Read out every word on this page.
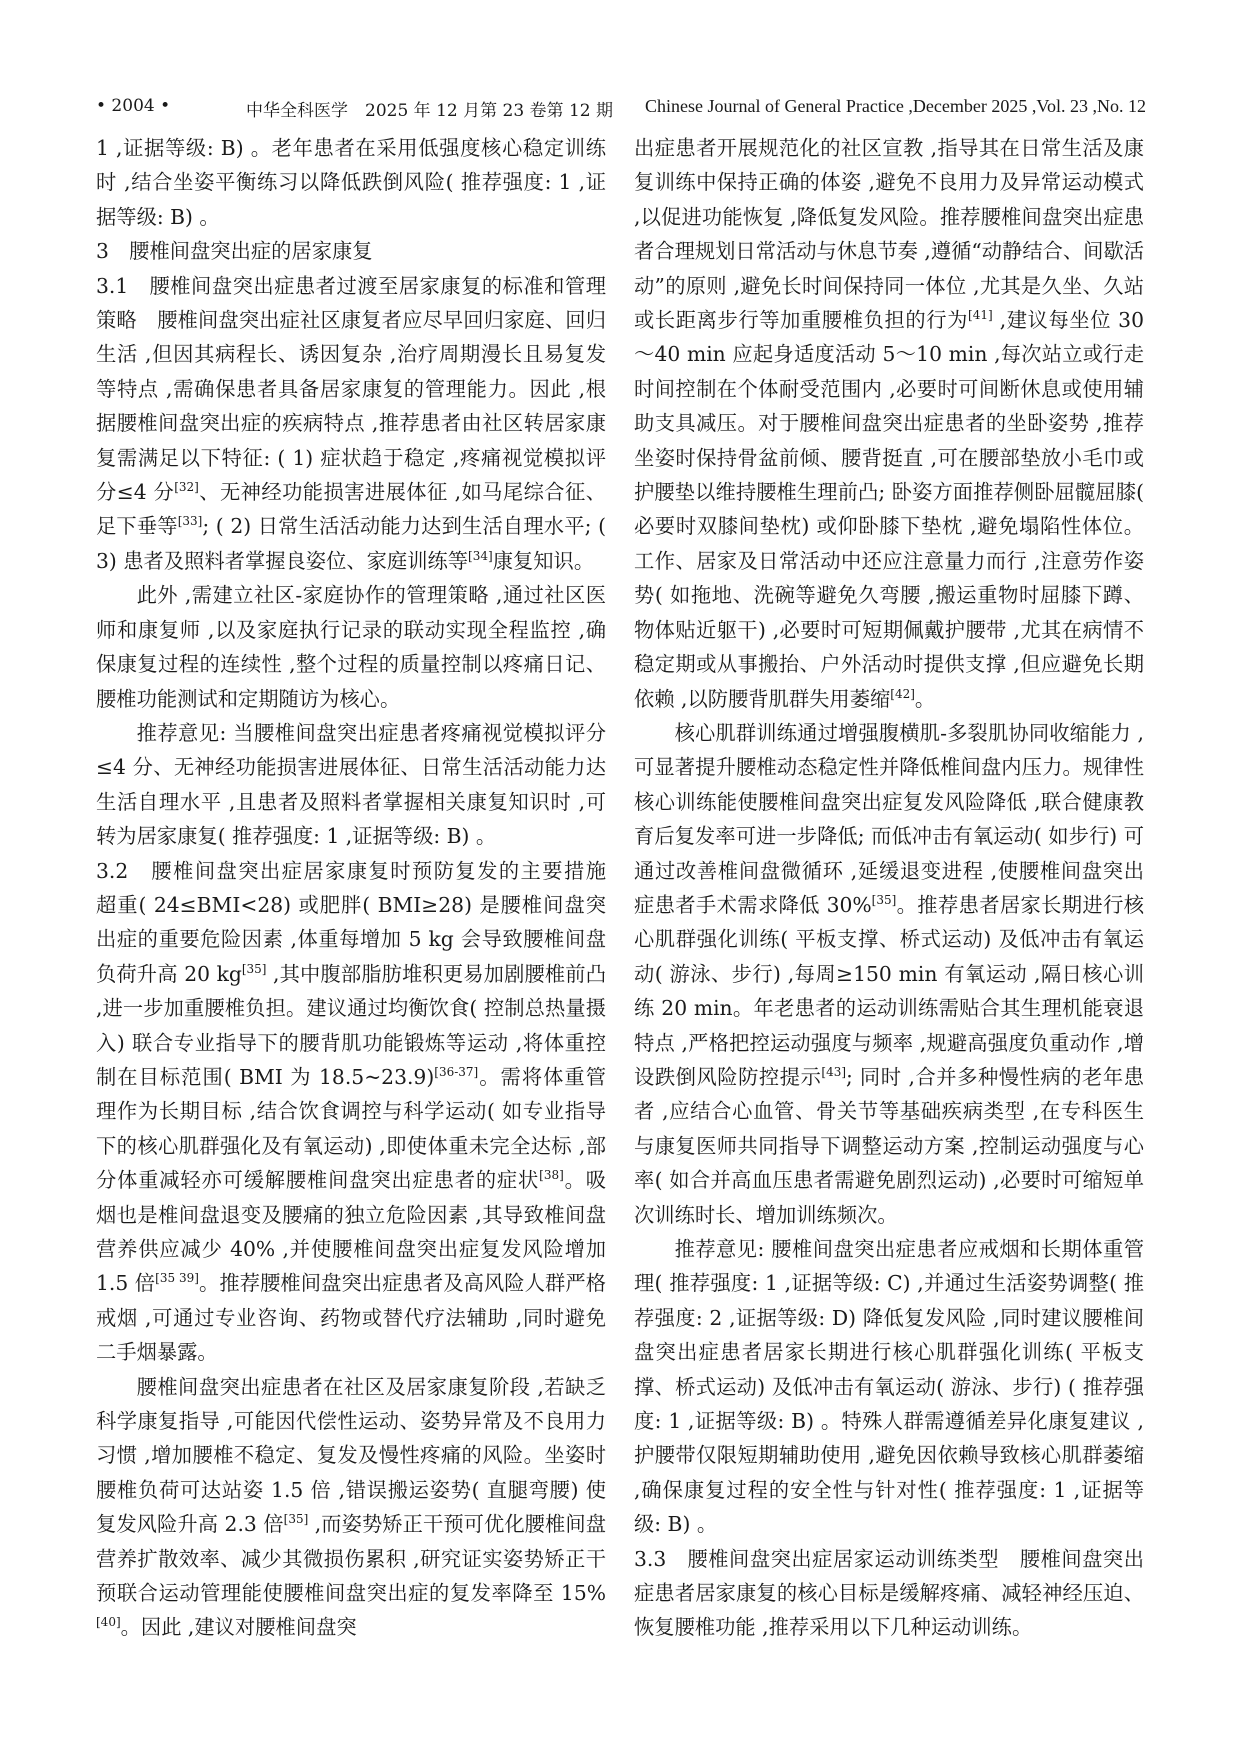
• 2004 •	中华全科医学　2025 年 12 月第 23 卷第 12 期 Chinese Journal of General Practice ,December 2025 ,Vol. 23 ,No. 12

1 ,证据等级: B) 。老年患者在采用低强度核心稳定训练时 ,结合坐姿平衡练习以降低跌倒风险( 推荐强度: 1 ,证据等级: B) 。

3　腰椎间盘突出症的居家康复

3.1　腰椎间盘突出症患者过渡至居家康复的标准和管理策略　腰椎间盘突出症社区康复者应尽早回归家庭、回归生活 ,但因其病程长、诱因复杂 ,治疗周期漫长且易复发等特点 ,需确保患者具备居家康复的管理能力。因此 ,根据腰椎间盘突出症的疾病特点 ,推荐患者由社区转居家康复需满足以下特征: ( 1) 症状趋于稳定 ,疼痛视觉模拟评分≤4 分[32]、无神经功能损害进展体征 ,如马尾综合征、足下垂等[33]; ( 2) 日常生活活动能力达到生活自理水平; ( 3) 患者及照料者掌握良姿位、家庭训练等[34]康复知识。

此外 ,需建立社区-家庭协作的管理策略 ,通过社区医师和康复师 ,以及家庭执行记录的联动实现全程监控 ,确保康复过程的连续性 ,整个过程的质量控制以疼痛日记、腰椎功能测试和定期随访为核心。

推荐意见: 当腰椎间盘突出症患者疼痛视觉模拟评分≤4 分、无神经功能损害进展体征、日常生活活动能力达生活自理水平 ,且患者及照料者掌握相关康复知识时 ,可转为居家康复( 推荐强度: 1 ,证据等级: B) 。

3.2　腰椎间盘突出症居家康复时预防复发的主要措施　超重( 24≤BMI<28) 或肥胖( BMI≥28) 是腰椎间盘突出症的重要危险因素 ,体重每增加 5 kg 会导致腰椎间盘负荷升高 20 kg[35] ,其中腹部脂肪堆积更易加剧腰椎前凸 ,进一步加重腰椎负担。建议通过均衡饮食( 控制总热量摄入) 联合专业指导下的腰背肌功能锻炼等运动 ,将体重控制在目标范围( BMI 为 18.5~23.9)[36-37]。需将体重管理作为长期目标 ,结合饮食调控与科学运动( 如专业指导下的核心肌群强化及有氧运动) ,即使体重未完全达标 ,部分体重减轻亦可缓解腰椎间盘突出症患者的症状[38]。吸烟也是椎间盘退变及腰痛的独立危险因素 ,其导致椎间盘营养供应减少 40% ,并使腰椎间盘突出症复发风险增加 1.5 倍[35 39]。推荐腰椎间盘突出症患者及高风险人群严格戒烟 ,可通过专业咨询、药物或替代疗法辅助 ,同时避免二手烟暴露。

腰椎间盘突出症患者在社区及居家康复阶段 ,若缺乏科学康复指导 ,可能因代偿性运动、姿势异常及不良用力习惯 ,增加腰椎不稳定、复发及慢性疼痛的风险。坐姿时腰椎负荷可达站姿 1.5 倍 ,错误搬运姿势( 直腿弯腰) 使复发风险升高 2.3 倍[35] ,而姿势矫正干预可优化腰椎间盘营养扩散效率、减少其微损伤累积 ,研究证实姿势矫正干预联合运动管理能使腰椎间盘突出症的复发率降至 15%[40]。因此 ,建议对腰椎间盘突

出症患者开展规范化的社区宣教 ,指导其在日常生活及康复训练中保持正确的体姿 ,避免不良用力及异常运动模式 ,以促进功能恢复 ,降低复发风险。推荐腰椎间盘突出症患者合理规划日常活动与休息节奏 ,遵循“动静结合、间歇活动”的原则 ,避免长时间保持同一体位 ,尤其是久坐、久站或长距离步行等加重腰椎负担的行为[41] ,建议每坐位 30～40 min 应起身适度活动 5～10 min ,每次站立或行走时间控制在个体耐受范围内 ,必要时可间断休息或使用辅助支具减压。对于腰椎间盘突出症患者的坐卧姿势 ,推荐坐姿时保持骨盆前倾、腰背挺直 ,可在腰部垫放小毛巾或护腰垫以维持腰椎生理前凸; 卧姿方面推荐侧卧屈髋屈膝( 必要时双膝间垫枕) 或仰卧膝下垫枕 ,避免塌陷性体位。工作、居家及日常活动中还应注意量力而行 ,注意劳作姿势( 如拖地、洗碗等避免久弯腰 ,搬运重物时屈膝下蹲、物体贴近躯干) ,必要时可短期佩戴护腰带 ,尤其在病情不稳定期或从事搬抬、户外活动时提供支撑 ,但应避免长期依赖 ,以防腰背肌群失用萎缩[42]。

核心肌群训练通过增强腹横肌-多裂肌协同收缩能力 ,可显著提升腰椎动态稳定性并降低椎间盘内压力。规律性核心训练能使腰椎间盘突出症复发风险降低 ,联合健康教育后复发率可进一步降低; 而低冲击有氧运动( 如步行) 可通过改善椎间盘微循环 ,延缓退变进程 ,使腰椎间盘突出症患者手术需求降低 30%[35]。推荐患者居家长期进行核心肌群强化训练( 平板支撑、桥式运动) 及低冲击有氧运动( 游泳、步行) ,每周≥150 min 有氧运动 ,隔日核心训练 20 min。年老患者的运动训练需贴合其生理机能衰退特点 ,严格把控运动强度与频率 ,规避高强度负重动作 ,增设跌倒风险防控提示[43]; 同时 ,合并多种慢性病的老年患者 ,应结合心血管、骨关节等基础疾病类型 ,在专科医生与康复医师共同指导下调整运动方案 ,控制运动强度与心率( 如合并高血压患者需避免剧烈运动) ,必要时可缩短单次训练时长、增加训练频次。

推荐意见: 腰椎间盘突出症患者应戒烟和长期体重管理( 推荐强度: 1 ,证据等级: C) ,并通过生活姿势调整( 推荐强度: 2 ,证据等级: D) 降低复发风险 ,同时建议腰椎间盘突出症患者居家长期进行核心肌群强化训练( 平板支撑、桥式运动) 及低冲击有氧运动( 游泳、步行) ( 推荐强度: 1 ,证据等级: B) 。特殊人群需遵循差异化康复建议 ,护腰带仅限短期辅助使用 ,避免因依赖导致核心肌群萎缩 ,确保康复过程的安全性与针对性( 推荐强度: 1 ,证据等级: B) 。

3.3　腰椎间盘突出症居家运动训练类型　腰椎间盘突出症患者居家康复的核心目标是缓解疼痛、减轻神经压迫、恢复腰椎功能 ,推荐采用以下几种运动训练。
